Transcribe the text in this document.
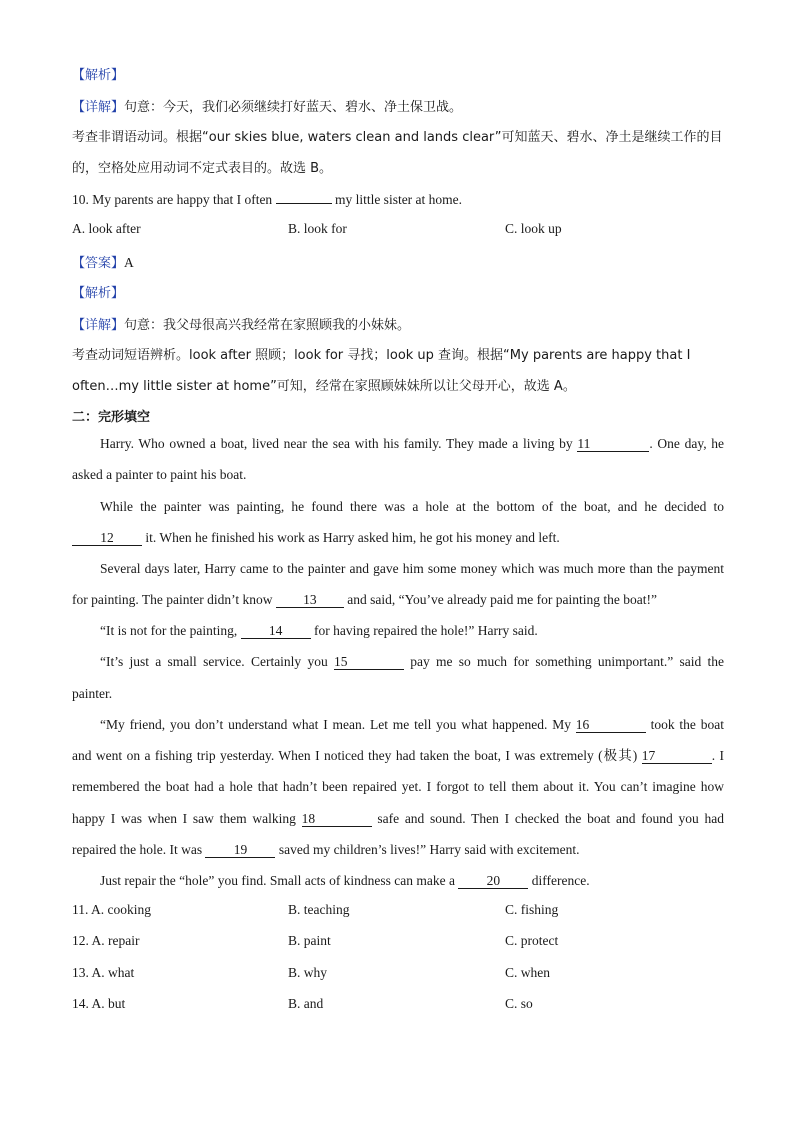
【解析】
【详解】句意：今天，我们必须继续打好蓝天、碧水、净土保卫战。
考查非谓语动词。根据“our skies blue, waters clean and lands clear”可知蓝天、碧水、净土是继续工作的目
的，空格处应用动词不定式表目的。故选 B。
10. My parents are happy that I often	my little sister at home.
A. look after	B. look for	C. look up
【答案】A
【解析】
【详解】句意：我父母很高兴我经常在家照顾我的小妹妹。
考查动词短语辨析。look after 照顾；look for 寻找；look up 查询。根据“My parents are happy that I
often…my little sister at home”可知，经常在家照顾妹妹所以让父母开心，故选 A。
二：完形填空
Harry. Who owned a boat, lived near the sea with his family. They made a living by 11	. One day, he
asked a painter to paint his boat.
While the painter was painting, he found there was a hole at the bottom of the boat, and he decided to
12 it. When he finished his work as Harry asked him, he got his money and left.
Several days later, Harry came to the painter and gave him some money which was much more than the payment
for painting. The painter didn’t know 13 and said, “You’ve already paid me for painting the boat!”
“It is not for the painting, 14 for having repaired the hole!” Harry said.
“It’s just a small service. Certainly you 15	pay me so much for something unimportant.” said the
painter.
“My friend, you don’t understand what I mean. Let me tell you what happened. My 16	took the boat
and went on a fishing trip yesterday. When I noticed they had taken the boat, I was extremely (极其) 17	. I
remembered the boat had a hole that hadn’t been repaired yet. I forgot to tell them about it. You can’t imagine how
happy I was when I saw them walking 18	safe and sound. Then I checked the boat and found you had
repaired the hole. It was 19 saved my children’s lives!” Harry said with excitement.
Just repair the “hole” you find. Small acts of kindness can make a 20 difference.
11. A. cooking	B. teaching	C. fishing
12. A. repair	B. paint	C. protect
13. A. what	B. why	C. when
14. A. but	B. and	C. so
